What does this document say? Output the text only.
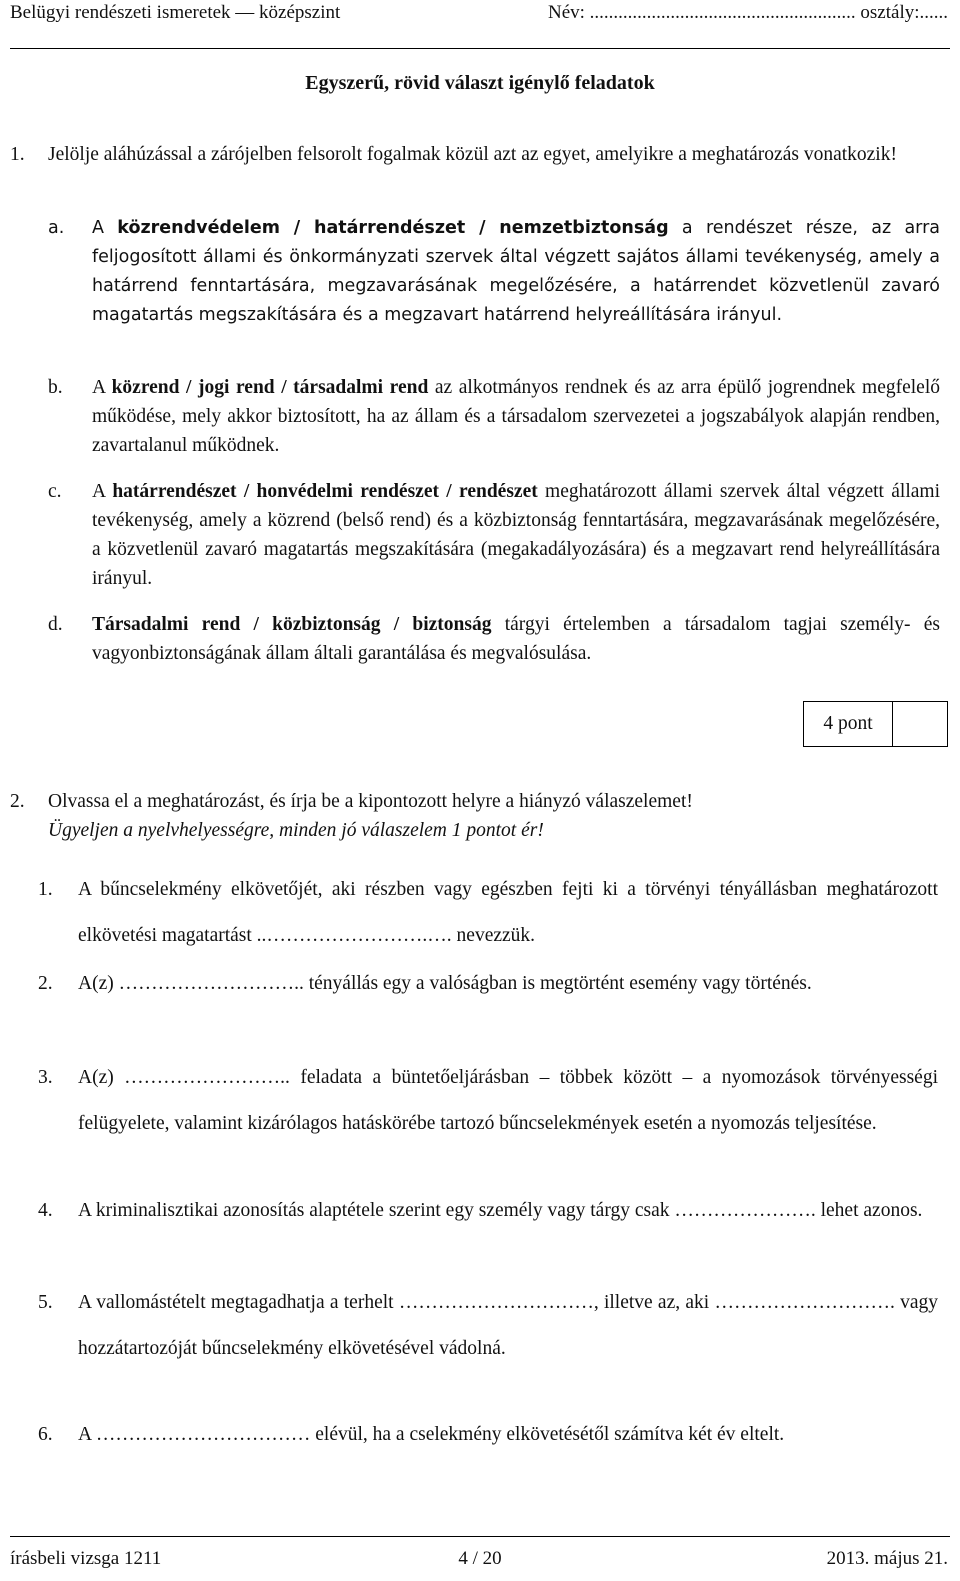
Belügyi rendészeti ismeretek — középszint	Név: ........................................................ osztály:......
Egyszerű, rövid választ igénylő feladatok
1. Jelölje aláhúzással a zárójelben felsorolt fogalmak közül azt az egyet, amelyikre a meghatározás vonatkozik!
a. A közrendvédelem / határrendészet / nemzetbiztonság a rendészet része, az arra feljogosított állami és önkormányzati szervek által végzett sajátos állami tevékenység, amely a határrend fenntartására, megzavarásának megelőzésére, a határrendet közvetlenül zavaró magatartás megszakítására és a megzavart határrend helyreállítására irányul.
b. A közrend / jogi rend / társadalmi rend az alkotmányos rendnek és az arra épülő jogrendnek megfelelő működése, mely akkor biztosított, ha az állam és a társadalom szervezetei a jogszabályok alapján rendben, zavartalanul működnek.
c. A határrendészet / honvédelmi rendészet / rendészet meghatározott állami szervek által végzett állami tevékenység, amely a közrend (belső rend) és a közbiztonság fenntartására, megzavarásának megelőzésére, a közvetlenül zavaró magatartás megszakítására (megakadályozására) és a megzavart rend helyreállítására irányul.
d. Társadalmi rend / közbiztonság / biztonság tárgyi értelemben a társadalom tagjai személy- és vagyonbiztonságának állam általi garantálása és megvalósulása.
4 pont
2. Olvassa el a meghatározást, és írja be a kipontozott helyre a hiányzó válaszelemet!
Ügyeljen a nyelvhelyességre, minden jó válaszelem 1 pontot ér!
1. A bűncselekmény elkövetőjét, aki részben vagy egészben fejti ki a törvényi tényállásban meghatározott elkövetési magatartást ..…………………….…. nevezzük.
2. A(z) ……………………….. tényállás egy a valóságban is megtörtént esemény vagy történés.
3. A(z) …………………….. feladata a büntetőeljárásban – többek között – a nyomozások törvényességi felügyelete, valamint kizárólagos hatáskörébe tartozó bűncselekmények esetén a nyomozás teljesítése.
4. A kriminalisztikai azonosítás alaptétele szerint egy személy vagy tárgy csak …………………. lehet azonos.
5. A vallomástételt megtagadhatja a terhelt …………………………, illetve az, aki ………………………. vagy hozzátartozóját bűncselekmény elkövetésével vádolná.
6. A …………………………… elévül, ha a cselekmény elkövetésétől számítva két év eltelt.
írásbeli vizsga 1211	4 / 20	2013. május 21.
